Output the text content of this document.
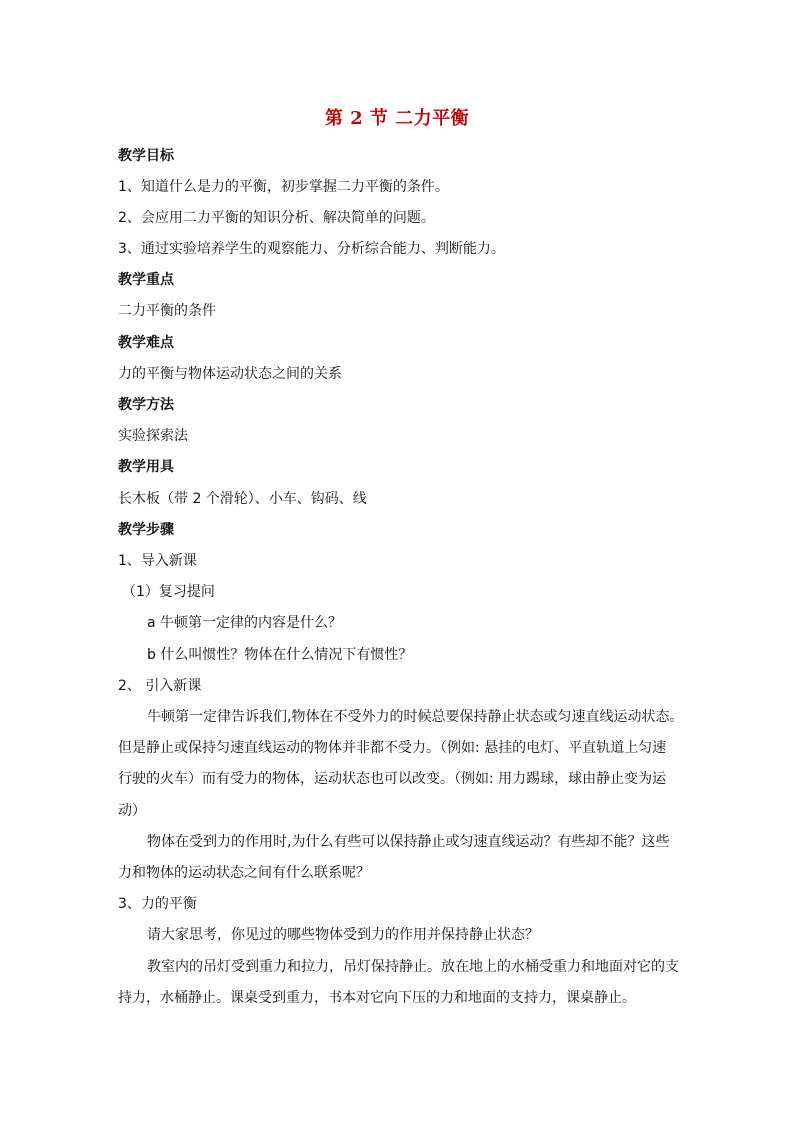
第 2 节 二力平衡
教学目标
1、知道什么是力的平衡，初步掌握二力平衡的条件。
2、会应用二力平衡的知识分析、解决简单的问题。
3、通过实验培养学生的观察能力、分析综合能力、判断能力。
教学重点
二力平衡的条件
教学难点
力的平衡与物体运动状态之间的关系
教学方法
实验探索法
教学用具
长木板（带 2 个滑轮）、小车、钩码、线
教学步骤
1、导入新课
（1）复习提问
a 牛顿第一定律的内容是什么？
b 什么叫惯性？物体在什么情况下有惯性？
2、 引入新课
牛顿第一定律告诉我们,物体在不受外力的时候总要保持静止状态或匀速直线运动状态。
但是静止或保持匀速直线运动的物体并非都不受力。（例如: 悬挂的电灯、平直轨道上匀速
行驶的火车）而有受力的物体，运动状态也可以改变。（例如: 用力踢球，球由静止变为运
动）
物体在受到力的作用时,为什么有些可以保持静止或匀速直线运动？有些却不能？这些
力和物体的运动状态之间有什么联系呢？
3、力的平衡
请大家思考，你见过的哪些物体受到力的作用并保持静止状态？
教室内的吊灯受到重力和拉力，吊灯保持静止。放在地上的水桶受重力和地面对它的支
持力，水桶静止。课桌受到重力，书本对它向下压的力和地面的支持力，课桌静止。
